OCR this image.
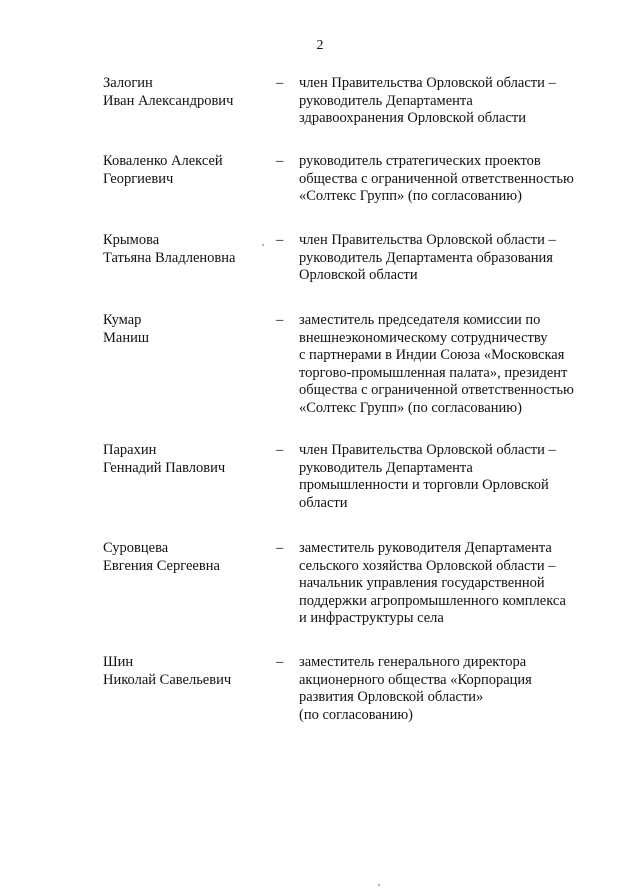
2
Залогин
Иван Александрович
– член Правительства Орловской области –
руководитель Департамента
здравоохранения Орловской области
Коваленко Алексей
Георгиевич
– руководитель стратегических проектов
общества с ограниченной ответственностью
«Солтекс Групп» (по согласованию)
Крымова
Татьяна Владленовна
– член Правительства Орловской области –
руководитель Департамента образования
Орловской области
Кумар
Маниш
– заместитель председателя комиссии по
внешнеэкономическому сотрудничеству
с партнерами в Индии Союза «Московская
торгово-промышленная палата», президент
общества с ограниченной ответственностью
«Солтекс Групп» (по согласованию)
Парахин
Геннадий Павлович
– член Правительства Орловской области –
руководитель Департамента
промышленности и торговли Орловской
области
Суровцева
Евгения Сергеевна
– заместитель руководителя Департамента
сельского хозяйства Орловской области –
начальник управления государственной
поддержки агропромышленного комплекса
и инфраструктуры села
Шин
Николай Савельевич
– заместитель генерального директора
акционерного общества «Корпорация
развития Орловской области»
(по согласованию)
